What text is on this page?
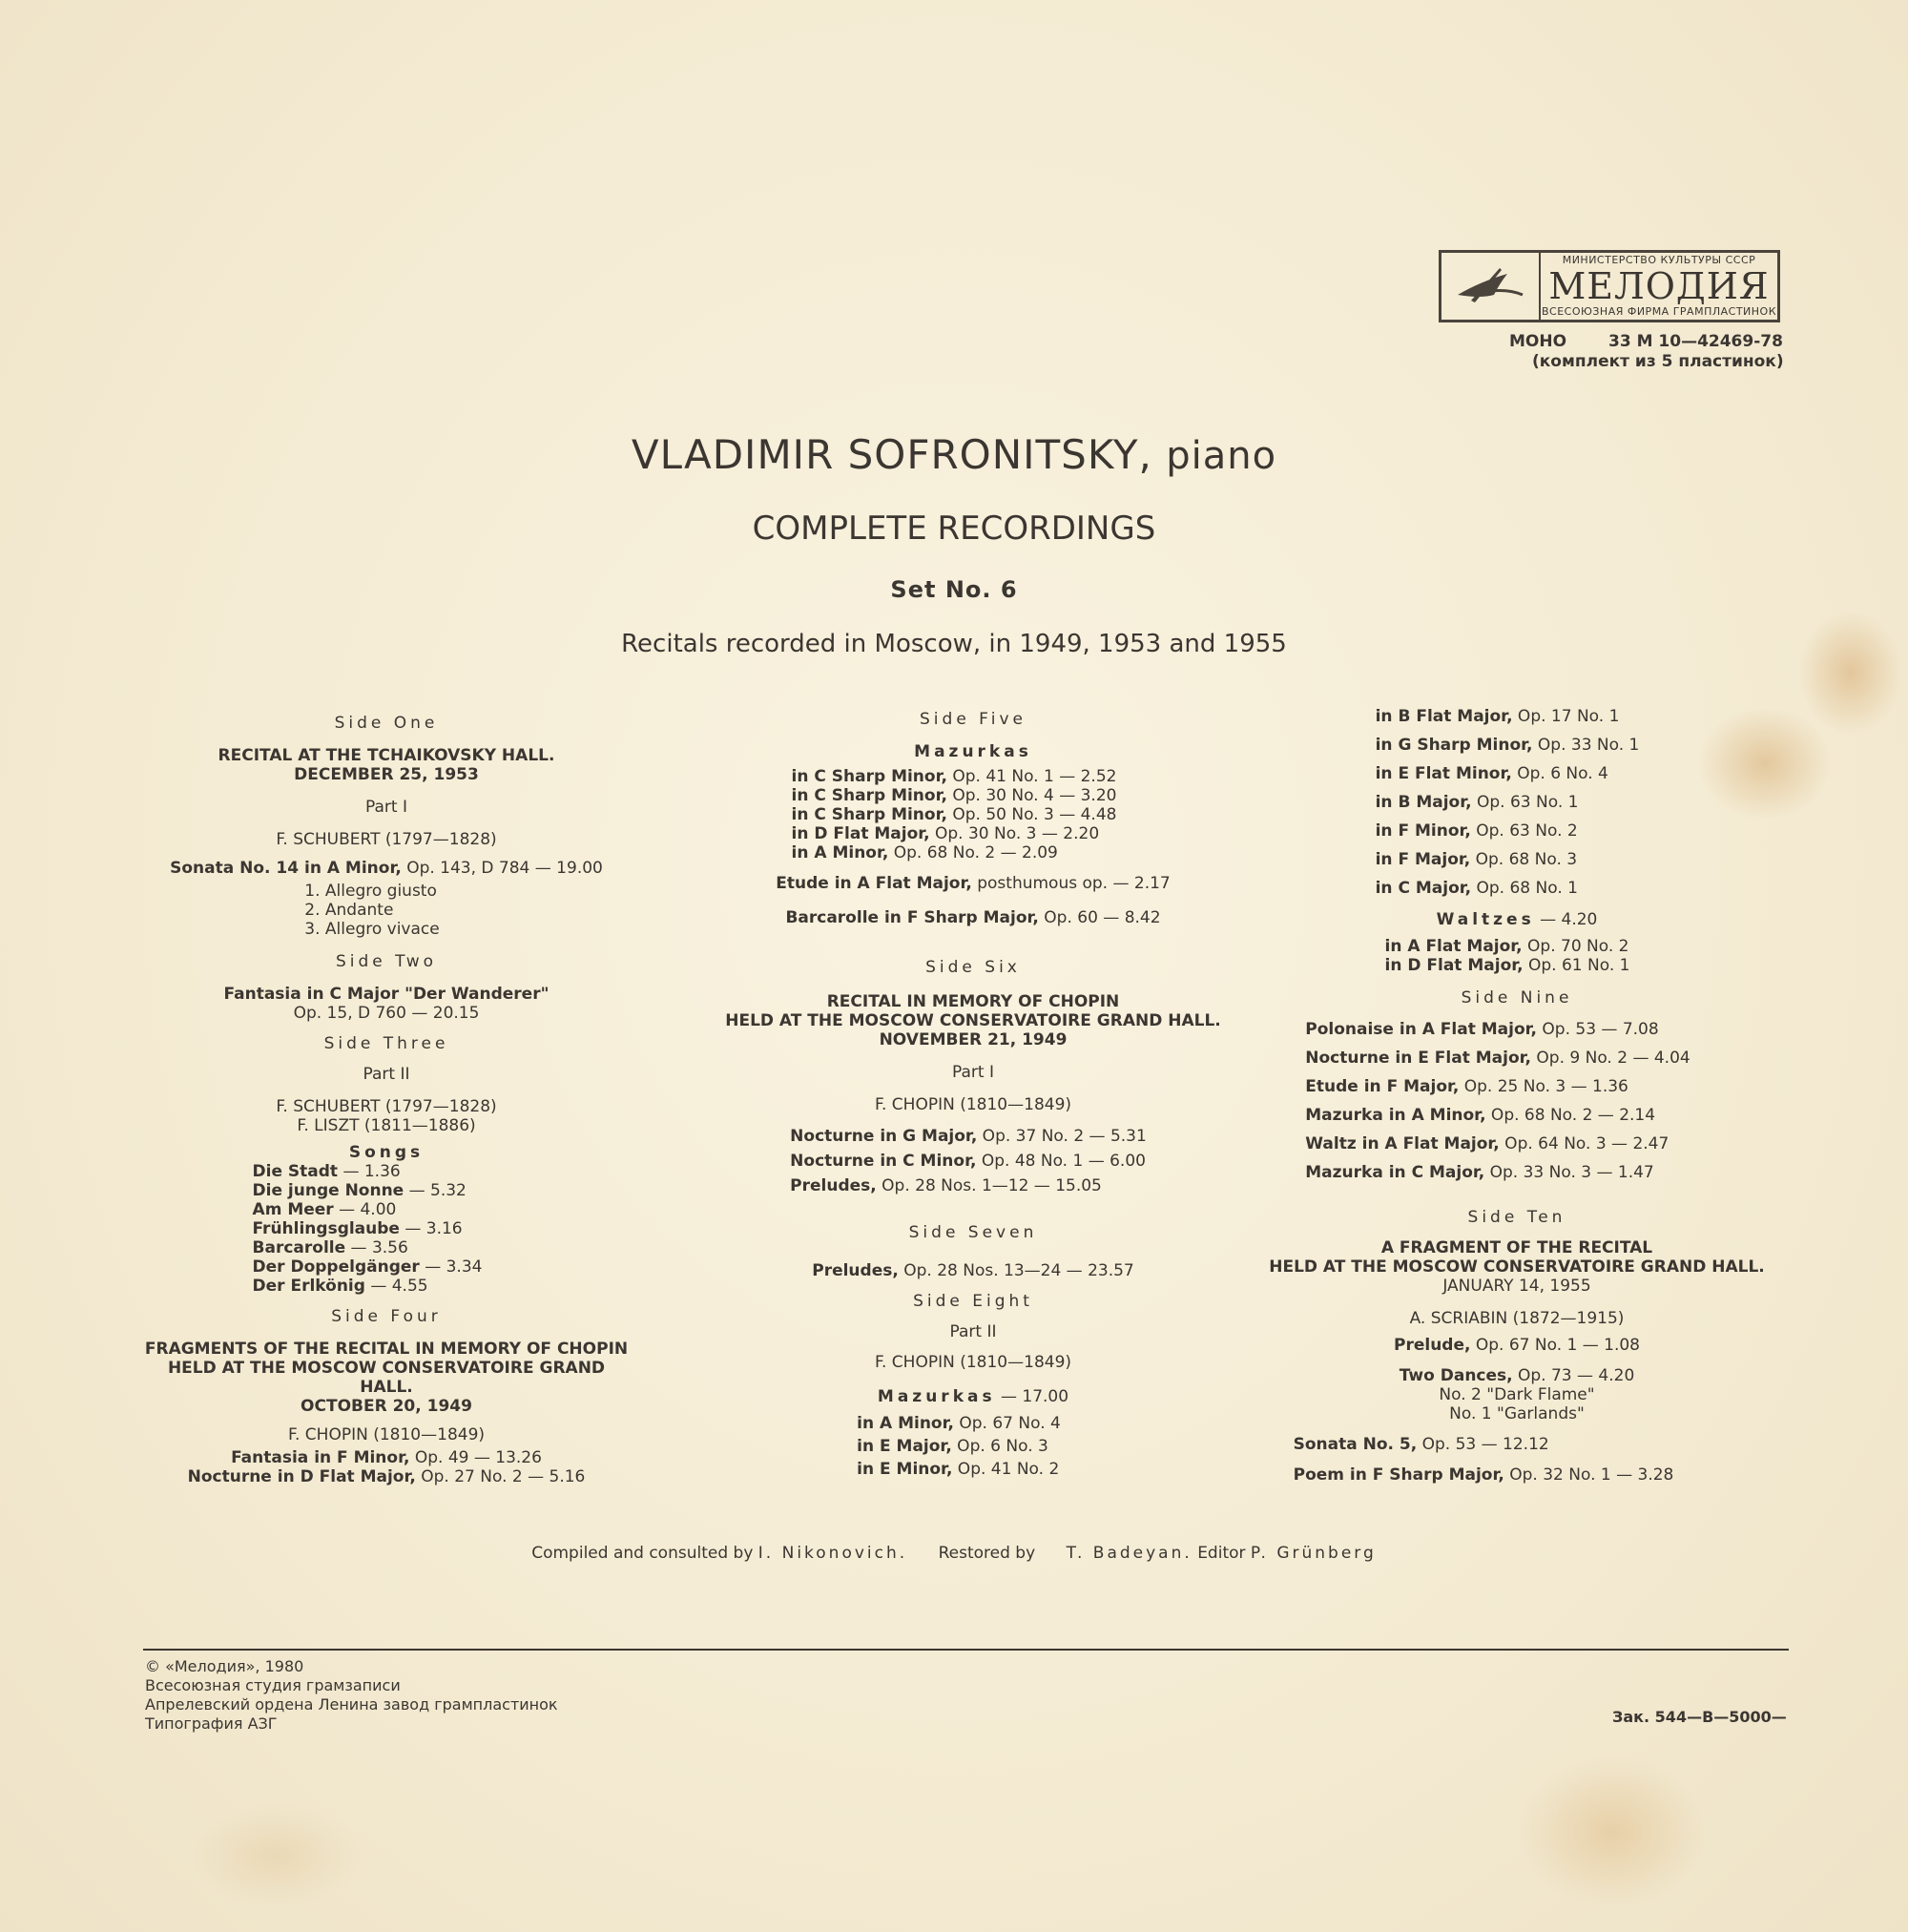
МИНИСТЕРСТВО КУЛЬТУРЫ СССР
МЕЛОДИЯ
ВСЕСОЮЗНАЯ ФИРМА ГРАМПЛАСТИНОК
МОНО	33 М 10—42469-78
(комплект из 5 пластинок)
VLADIMIR SOFRONITSKY, piano
COMPLETE RECORDINGS
Set No. 6
Recitals recorded in Moscow, in 1949, 1953 and 1955
Side One
RECITAL AT THE TCHAIKOVSKY HALL.
DECEMBER 25, 1953
Part I
F. SCHUBERT (1797—1828)
Sonata No. 14 in A Minor, Op. 143, D 784 — 19.00
1. Allegro giusto
2. Andante
3. Allegro vivace
Side Two
Fantasia in C Major "Der Wanderer"
Op. 15, D 760 — 20.15
Side Three
Part II
F. SCHUBERT (1797—1828)
F. LISZT (1811—1886)
Songs
Die Stadt — 1.36
Die junge Nonne — 5.32
Am Meer — 4.00
Frühlingsglaube — 3.16
Barcarolle — 3.56
Der Doppelgänger — 3.34
Der Erlkönig — 4.55
Side Four
FRAGMENTS OF THE RECITAL IN MEMORY OF CHOPIN
HELD AT THE MOSCOW CONSERVATOIRE GRAND HALL.
OCTOBER 20, 1949
F. CHOPIN (1810—1849)
Fantasia in F Minor, Op. 49 — 13.26
Nocturne in D Flat Major, Op. 27 No. 2 — 5.16
Side Five
Mazurkas
in C Sharp Minor, Op. 41 No. 1 — 2.52
in C Sharp Minor, Op. 30 No. 4 — 3.20
in C Sharp Minor, Op. 50 No. 3 — 4.48
in D Flat Major, Op. 30 No. 3 — 2.20
in A Minor, Op. 68 No. 2 — 2.09
Etude in A Flat Major, posthumous op. — 2.17
Barcarolle in F Sharp Major, Op. 60 — 8.42
Side Six
RECITAL IN MEMORY OF CHOPIN
HELD AT THE MOSCOW CONSERVATOIRE GRAND HALL.
NOVEMBER 21, 1949
Part I
F. CHOPIN (1810—1849)
Nocturne in G Major, Op. 37 No. 2 — 5.31
Nocturne in C Minor, Op. 48 No. 1 — 6.00
Preludes, Op. 28 Nos. 1—12 — 15.05
Side Seven
Preludes, Op. 28 Nos. 13—24 — 23.57
Side Eight
Part II
F. CHOPIN (1810—1849)
Mazurkas — 17.00
in A Minor, Op. 67 No. 4
in E Major, Op. 6 No. 3
in E Minor, Op. 41 No. 2
in B Flat Major, Op. 17 No. 1
in G Sharp Minor, Op. 33 No. 1
in E Flat Minor, Op. 6 No. 4
in B Major, Op. 63 No. 1
in F Minor, Op. 63 No. 2
in F Major, Op. 68 No. 3
in C Major, Op. 68 No. 1
Waltzes — 4.20
in A Flat Major, Op. 70 No. 2
in D Flat Major, Op. 61 No. 1
Side Nine
Polonaise in A Flat Major, Op. 53 — 7.08
Nocturne in E Flat Major, Op. 9 No. 2 — 4.04
Etude in F Major, Op. 25 No. 3 — 1.36
Mazurka in A Minor, Op. 68 No. 2 — 2.14
Waltz in A Flat Major, Op. 64 No. 3 — 2.47
Mazurka in C Major, Op. 33 No. 3 — 1.47
Side Ten
A FRAGMENT OF THE RECITAL
HELD AT THE MOSCOW CONSERVATOIRE GRAND HALL.
JANUARY 14, 1955
A. SCRIABIN (1872—1915)
Prelude, Op. 67 No. 1 — 1.08
Two Dances, Op. 73 — 4.20
No. 2 "Dark Flame"
No. 1 "Garlands"
Sonata No. 5, Op. 53 — 12.12
Poem in F Sharp Major, Op. 32 No. 1 — 3.28
Compiled and consulted by I. Nikonovich. Restored by T. Badeyan. Editor P. Grünberg
© «Мелодия», 1980
Всесоюзная студия грамзаписи
Апрелевский ордена Ленина завод грампластинок
Типография АЗГ	Зак. 544—В—5000—
